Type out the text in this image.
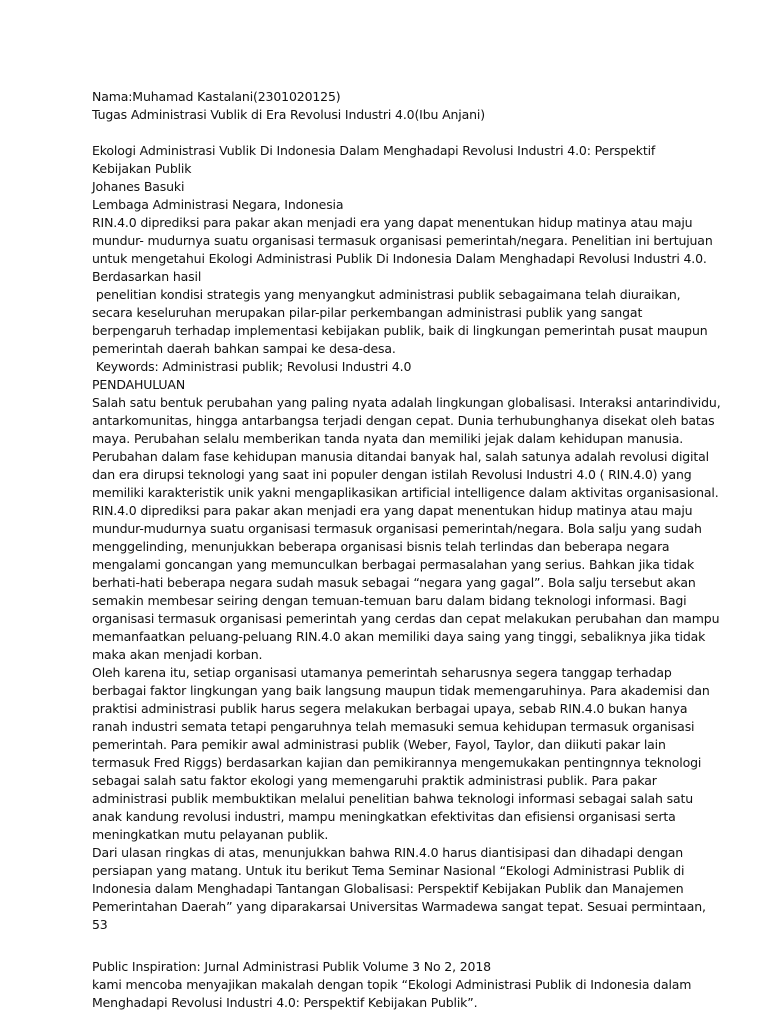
Nama:Muhamad Kastalani(2301020125)
Tugas Administrasi Vublik di Era Revolusi Industri 4.0(Ibu Anjani)
Ekologi Administrasi Vublik Di Indonesia Dalam Menghadapi Revolusi Industri 4.0: Perspektif
Kebijakan Publik
Johanes Basuki
Lembaga Administrasi Negara, Indonesia
RIN.4.0 diprediksi para pakar akan menjadi era yang dapat menentukan hidup matinya atau maju
mundur- mudurnya suatu organisasi termasuk organisasi pemerintah/negara. Penelitian ini bertujuan
untuk mengetahui Ekologi Administrasi Publik Di Indonesia Dalam Menghadapi Revolusi Industri 4.0.
Berdasarkan hasil
penelitian kondisi strategis yang menyangkut administrasi publik sebagaimana telah diuraikan,
secara keseluruhan merupakan pilar-pilar perkembangan administrasi publik yang sangat
berpengaruh terhadap implementasi kebijakan publik, baik di lingkungan pemerintah pusat maupun
pemerintah daerah bahkan sampai ke desa-desa.
Keywords: Administrasi publik; Revolusi Industri 4.0
PENDAHULUAN
Salah satu bentuk perubahan yang paling nyata adalah lingkungan globalisasi. Interaksi antarindividu,
antarkomunitas, hingga antarbangsa terjadi dengan cepat. Dunia terhubunghanya disekat oleh batas
maya. Perubahan selalu memberikan tanda nyata dan memiliki jejak dalam kehidupan manusia.
Perubahan dalam fase kehidupan manusia ditandai banyak hal, salah satunya adalah revolusi digital
dan era dirupsi teknologi yang saat ini populer dengan istilah Revolusi Industri 4.0 ( RIN.4.0) yang
memiliki karakteristik unik yakni mengaplikasikan artificial intelligence dalam aktivitas organisasional.
RIN.4.0 diprediksi para pakar akan menjadi era yang dapat menentukan hidup matinya atau maju
mundur-mudurnya suatu organisasi termasuk organisasi pemerintah/negara. Bola salju yang sudah
menggelinding, menunjukkan beberapa organisasi bisnis telah terlindas dan beberapa negara
mengalami goncangan yang memunculkan berbagai permasalahan yang serius. Bahkan jika tidak
berhati-hati beberapa negara sudah masuk sebagai “negara yang gagal”. Bola salju tersebut akan
semakin membesar seiring dengan temuan-temuan baru dalam bidang teknologi informasi. Bagi
organisasi termasuk organisasi pemerintah yang cerdas dan cepat melakukan perubahan dan mampu
memanfaatkan peluang-peluang RIN.4.0 akan memiliki daya saing yang tinggi, sebaliknya jika tidak
maka akan menjadi korban.
Oleh karena itu, setiap organisasi utamanya pemerintah seharusnya segera tanggap terhadap
berbagai faktor lingkungan yang baik langsung maupun tidak memengaruhinya. Para akademisi dan
praktisi administrasi publik harus segera melakukan berbagai upaya, sebab RIN.4.0 bukan hanya
ranah industri semata tetapi pengaruhnya telah memasuki semua kehidupan termasuk organisasi
pemerintah. Para pemikir awal administrasi publik (Weber, Fayol, Taylor, dan diikuti pakar lain
termasuk Fred Riggs) berdasarkan kajian dan pemikirannya mengemukakan pentingnnya teknologi
sebagai salah satu faktor ekologi yang memengaruhi praktik administrasi publik. Para pakar
administrasi publik membuktikan melalui penelitian bahwa teknologi informasi sebagai salah satu
anak kandung revolusi industri, mampu meningkatkan efektivitas dan efisiensi organisasi serta
meningkatkan mutu pelayanan publik.
Dari ulasan ringkas di atas, menunjukkan bahwa RIN.4.0 harus diantisipasi dan dihadapi dengan
persiapan yang matang. Untuk itu berikut Tema Seminar Nasional “Ekologi Administrasi Publik di
Indonesia dalam Menghadapi Tantangan Globalisasi: Perspektif Kebijakan Publik dan Manajemen
Pemerintahan Daerah” yang diparakarsai Universitas Warmadewa sangat tepat. Sesuai permintaan,
53
Public Inspiration: Jurnal Administrasi Publik Volume 3 No 2, 2018
kami mencoba menyajikan makalah dengan topik “Ekologi Administrasi Publik di Indonesia dalam
Menghadapi Revolusi Industri 4.0: Perspektif Kebijakan Publik”.
